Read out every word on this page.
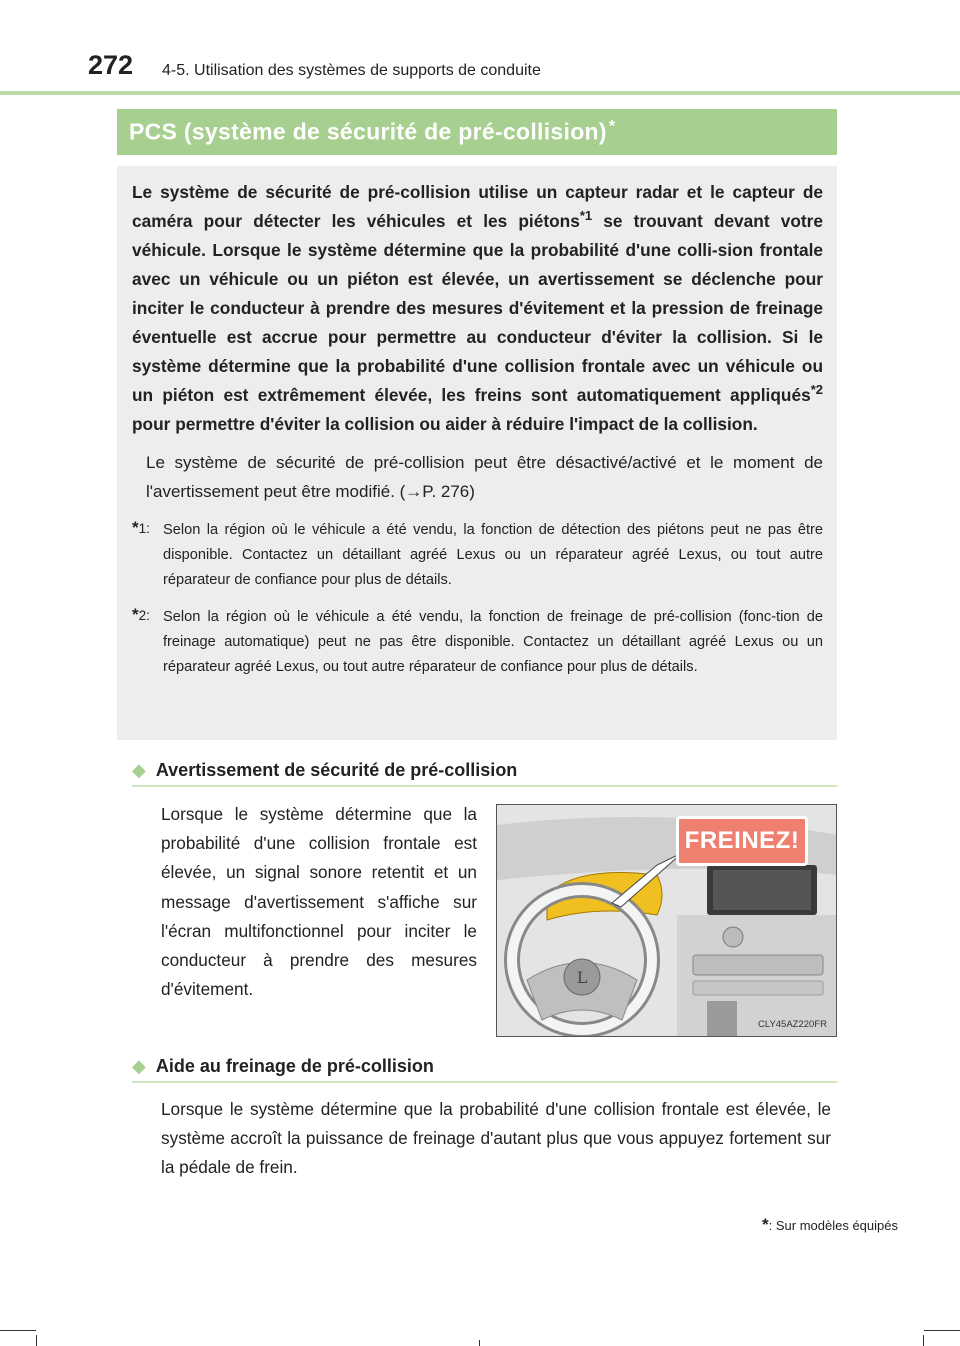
272 4-5. Utilisation des systèmes de supports de conduite
PCS (système de sécurité de pré-collision) *

Le système de sécurité de pré-collision utilise un capteur radar et le capteur de caméra pour détecter les véhicules et les piétons$^{*1}$ se trouvant devant votre véhicule. Lorsque le système détermine que la probabilité d'une colli-sion frontale avec un véhicule ou un piéton est élevée, un avertissement se déclenche pour inciter le conducteur à prendre des mesures d'évitement et la pression de freinage éventuelle est accrue pour permettre au conducteur d'éviter la collision. Si le système détermine que la probabilité d'une collision frontale avec un véhicule ou un piéton est extrêmement élevée, les freins sont automatiquement appliqués$^{*2}$ pour permettre d'éviter la collision ou aider à réduire l'impact de la collision.

Le système de sécurité de pré-collision peut être désactivé/activé et le moment de l'avertissement peut être modifié. (→P. 276)

*1: Selon la région où le véhicule a été vendu, la fonction de détection des piétons peut ne pas être disponible. Contactez un détaillant agréé Lexus ou un réparateur agréé Lexus, ou tout autre réparateur de confiance pour plus de détails.
*2: Selon la région où le véhicule a été vendu, la fonction de freinage de pré-collision (fonc-tion de freinage automatique) peut ne pas être disponible. Contactez un détaillant agréé Lexus ou un réparateur agréé Lexus, ou tout autre réparateur de confiance pour plus de détails.
◆ Avertissement de sécurité de pré-collision

Lorsque le système détermine que la probabilité d'une collision frontale est élevée, un signal sonore retentit et un message d'avertissement s'affiche sur l'écran multifonctionnel pour inciter le conducteur à prendre des mesures d'évitement.

L
FREINEZ!
CLY45AZ220FR
◆ Aide au freinage de pré-collision

Lorsque le système détermine que la probabilité d'une collision frontale est élevée, le système accroît la puissance de freinage d'autant plus que vous appuyez fortement sur la pédale de frein.

*: Sur modèles équipés
